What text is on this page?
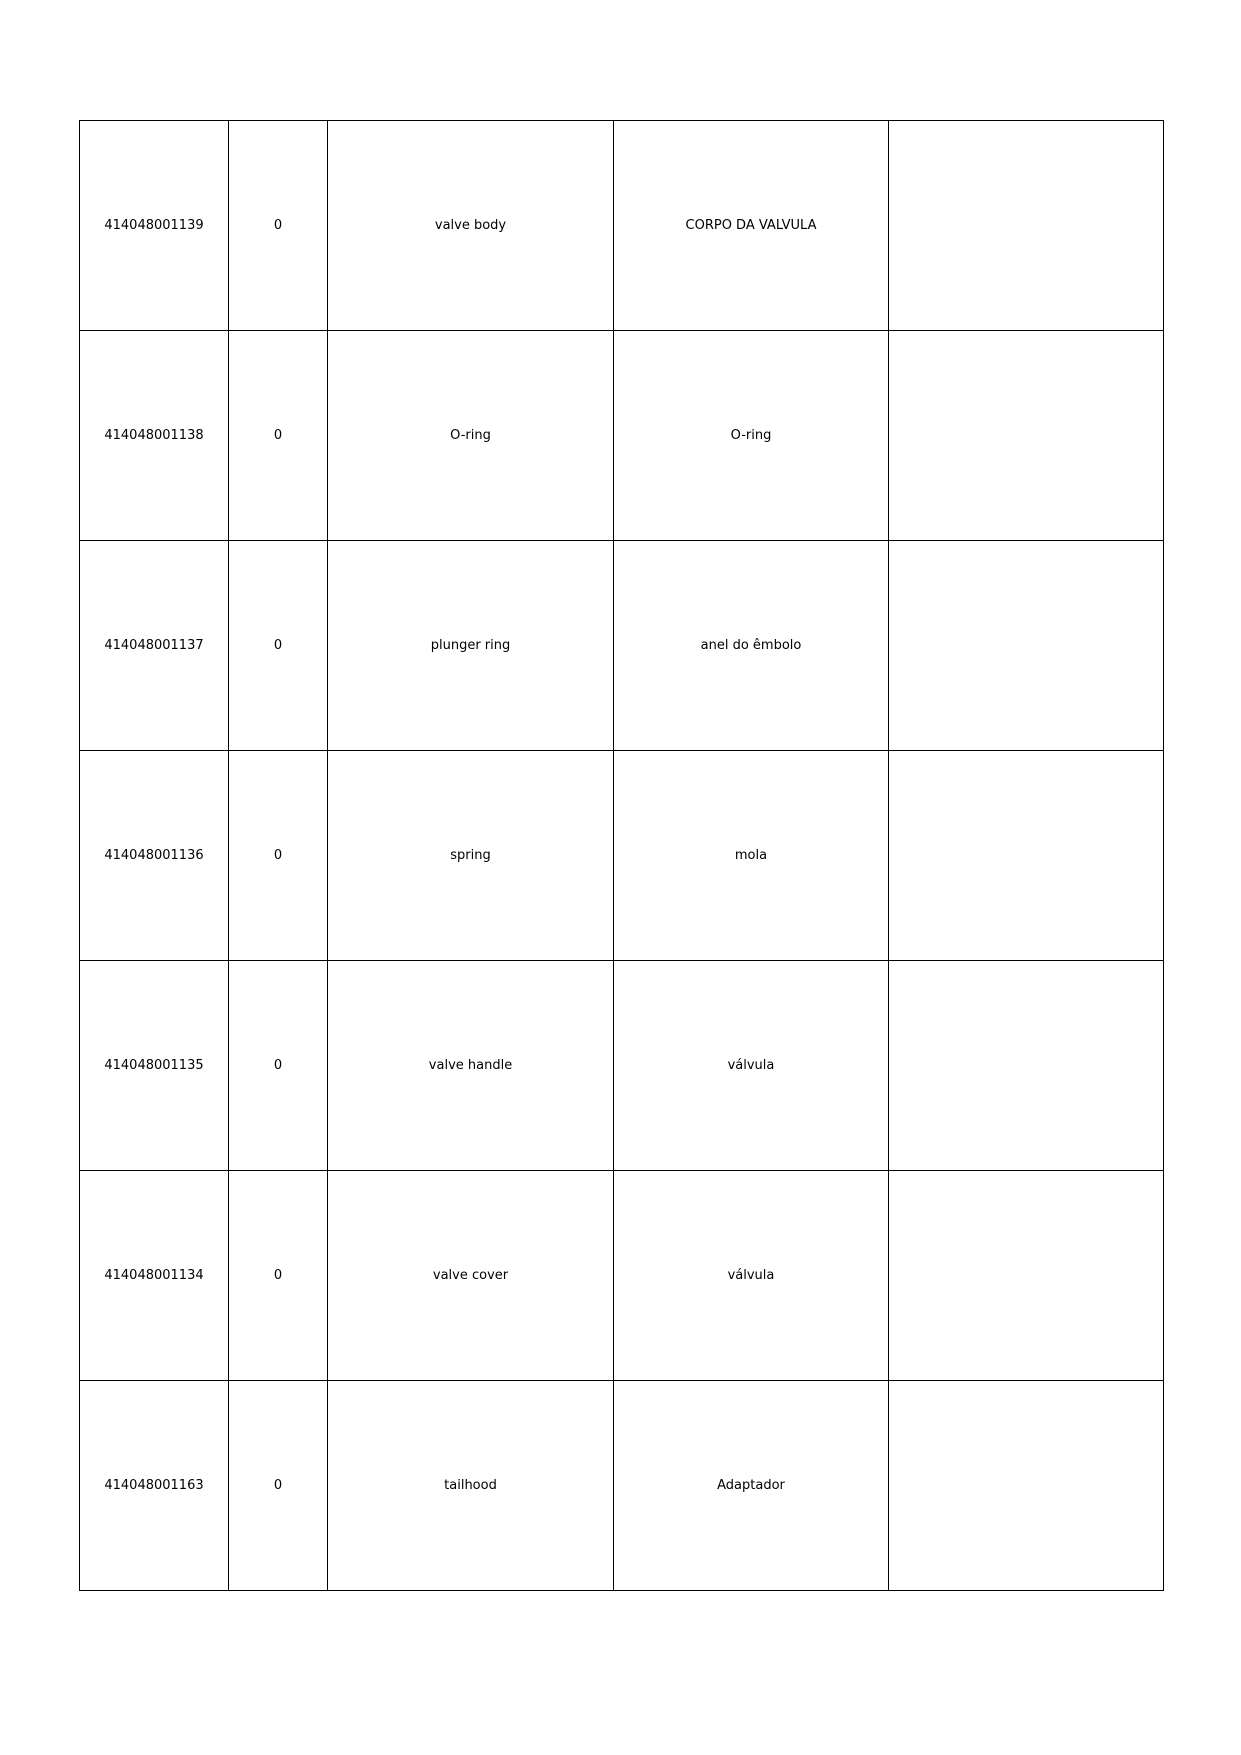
414048001139	0	valve body	CORPO DA VALVULA	
414048001138	0	O-ring	O-ring	
414048001137	0	plunger ring	anel do êmbolo	
414048001136	0	spring	mola	
414048001135	0	valve handle	válvula	
414048001134	0	valve cover	válvula	
414048001163	0	tailhood	Adaptador	
